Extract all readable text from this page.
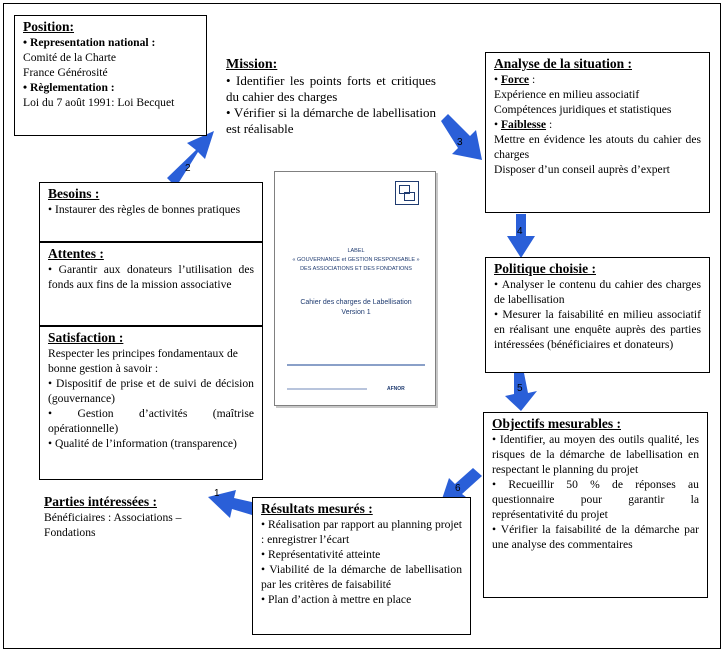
2
3
4
5
6
1

Position:

• Representation national :

Comité de la Charte

France Générosité

• Règlementation :

Loi du 7 août 1991: Loi Becquet

Mission:

• Identifier les points forts et critiques du cahier des charges
• Vérifier si la démarche de labellisation est réalisable

Analyse de la situation :

• Force :

Expérience en milieu associatif

Compétences juridiques et statistiques

• Faiblesse :

Mettre en évidence les atouts du cahier des charges

Disposer d’un conseil auprès d’expert

Besoins :

• Instaurer des règles de bonnes pratiques

Attentes :

• Garantir aux donateurs l’utilisation des fonds aux fins de la mission associative

Satisfaction :

Respecter les principes fondamentaux de bonne gestion à savoir :

• Dispositif de prise et de suivi de décision (gouvernance)
• Gestion d’activités (maîtrise opérationnelle)
• Qualité de l’information (transparence)
LABEL
« GOUVERNANCE et GESTION RESPONSABLE »
DES ASSOCIATIONS ET DES FONDATIONS
Cahier des charges de Labellisation
Version 1
AFNOR

Politique choisie :

• Analyser le contenu du cahier des charges de labellisation
• Mesurer la faisabilité en milieu associatif en réalisant une enquête auprès des parties intéressées (bénéficiaires et donateurs)

Objectifs mesurables :

• Identifier, au moyen des outils qualité, les risques de la démarche de labellisation en respectant le planning du projet
• Recueillir 50 % de réponses au questionnaire pour garantir la représentativité du projet
• Vérifier la faisabilité de la démarche par une analyse des commentaires

Parties intéressées :

Bénéficiaires : Associations – Fondations

Résultats mesurés :

• Réalisation par rapport au planning projet : enregistrer l’écart
• Représentativité atteinte
• Viabilité de la démarche de labellisation par les critères de faisabilité
• Plan d’action à mettre en place
